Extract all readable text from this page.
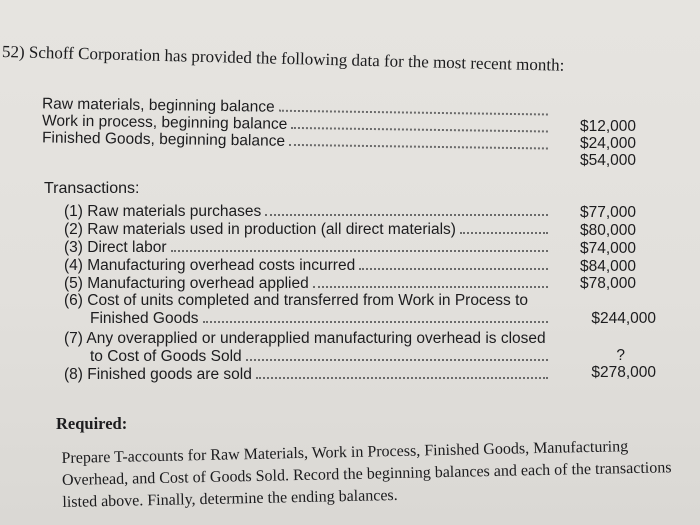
52) Schoff Corporation has provided the following data for the most recent month:
Raw materials, beginning balance
Work in process, beginning balance
Finished Goods, beginning balance
$12,000
$24,000
$54,000
Transactions:
(1) Raw materials purchases
(2) Raw materials used in production (all direct materials)
(3) Direct labor
(4) Manufacturing overhead costs incurred
(5) Manufacturing overhead applied
(6) Cost of units completed and transferred from Work in Process to
Finished Goods
(7) Any overapplied or underapplied manufacturing overhead is closed
to Cost of Goods Sold
(8) Finished goods are sold
$77,000
$80,000
$74,000
$84,000
$78,000
$244,000
?
$278,000
Required:
Prepare T-accounts for Raw Materials, Work in Process, Finished Goods, Manufacturing
Overhead, and Cost of Goods Sold. Record the beginning balances and each of the transactions
listed above. Finally, determine the ending balances.
